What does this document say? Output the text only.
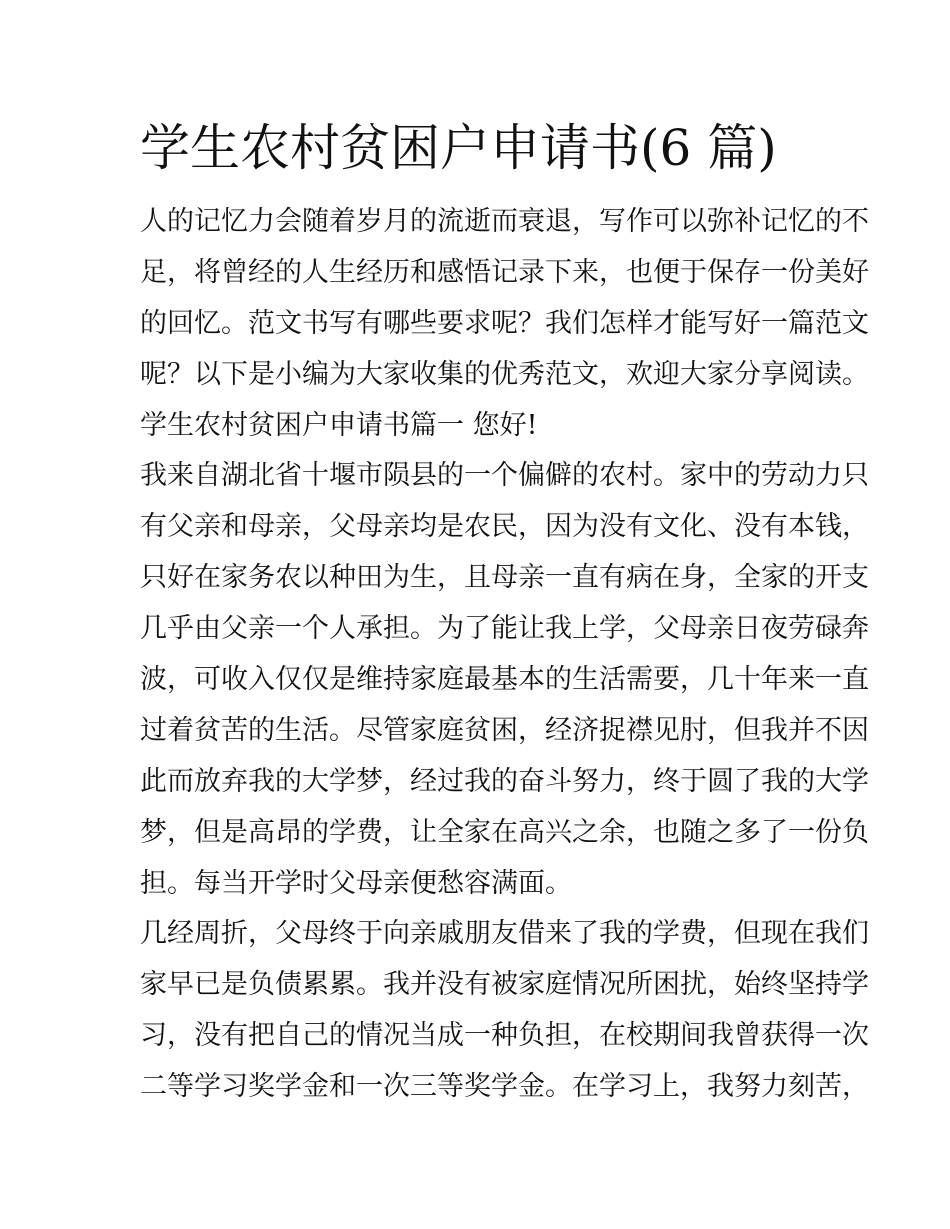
学生农村贫困户申请书(6 篇)
人的记忆力会随着岁月的流逝而衰退，写作可以弥补记忆的不
足，将曾经的人生经历和感悟记录下来，也便于保存一份美好
的回忆。范文书写有哪些要求呢？我们怎样才能写好一篇范文
呢？以下是小编为大家收集的优秀范文，欢迎大家分享阅读。
学生农村贫困户申请书篇一 您好!
我来自湖北省十堰市陨县的一个偏僻的农村。家中的劳动力只
有父亲和母亲，父母亲均是农民，因为没有文化、没有本钱，
只好在家务农以种田为生，且母亲一直有病在身，全家的开支
几乎由父亲一个人承担。为了能让我上学，父母亲日夜劳碌奔
波，可收入仅仅是维持家庭最基本的生活需要，几十年来一直
过着贫苦的生活。尽管家庭贫困，经济捉襟见肘，但我并不因
此而放弃我的大学梦，经过我的奋斗努力，终于圆了我的大学
梦，但是高昂的学费，让全家在高兴之余，也随之多了一份负
担。每当开学时父母亲便愁容满面。
几经周折，父母终于向亲戚朋友借来了我的学费，但现在我们
家早已是负债累累。我并没有被家庭情况所困扰，始终坚持学
习，没有把自己的情况当成一种负担，在校期间我曾获得一次
二等学习奖学金和一次三等奖学金。在学习上，我努力刻苦，
